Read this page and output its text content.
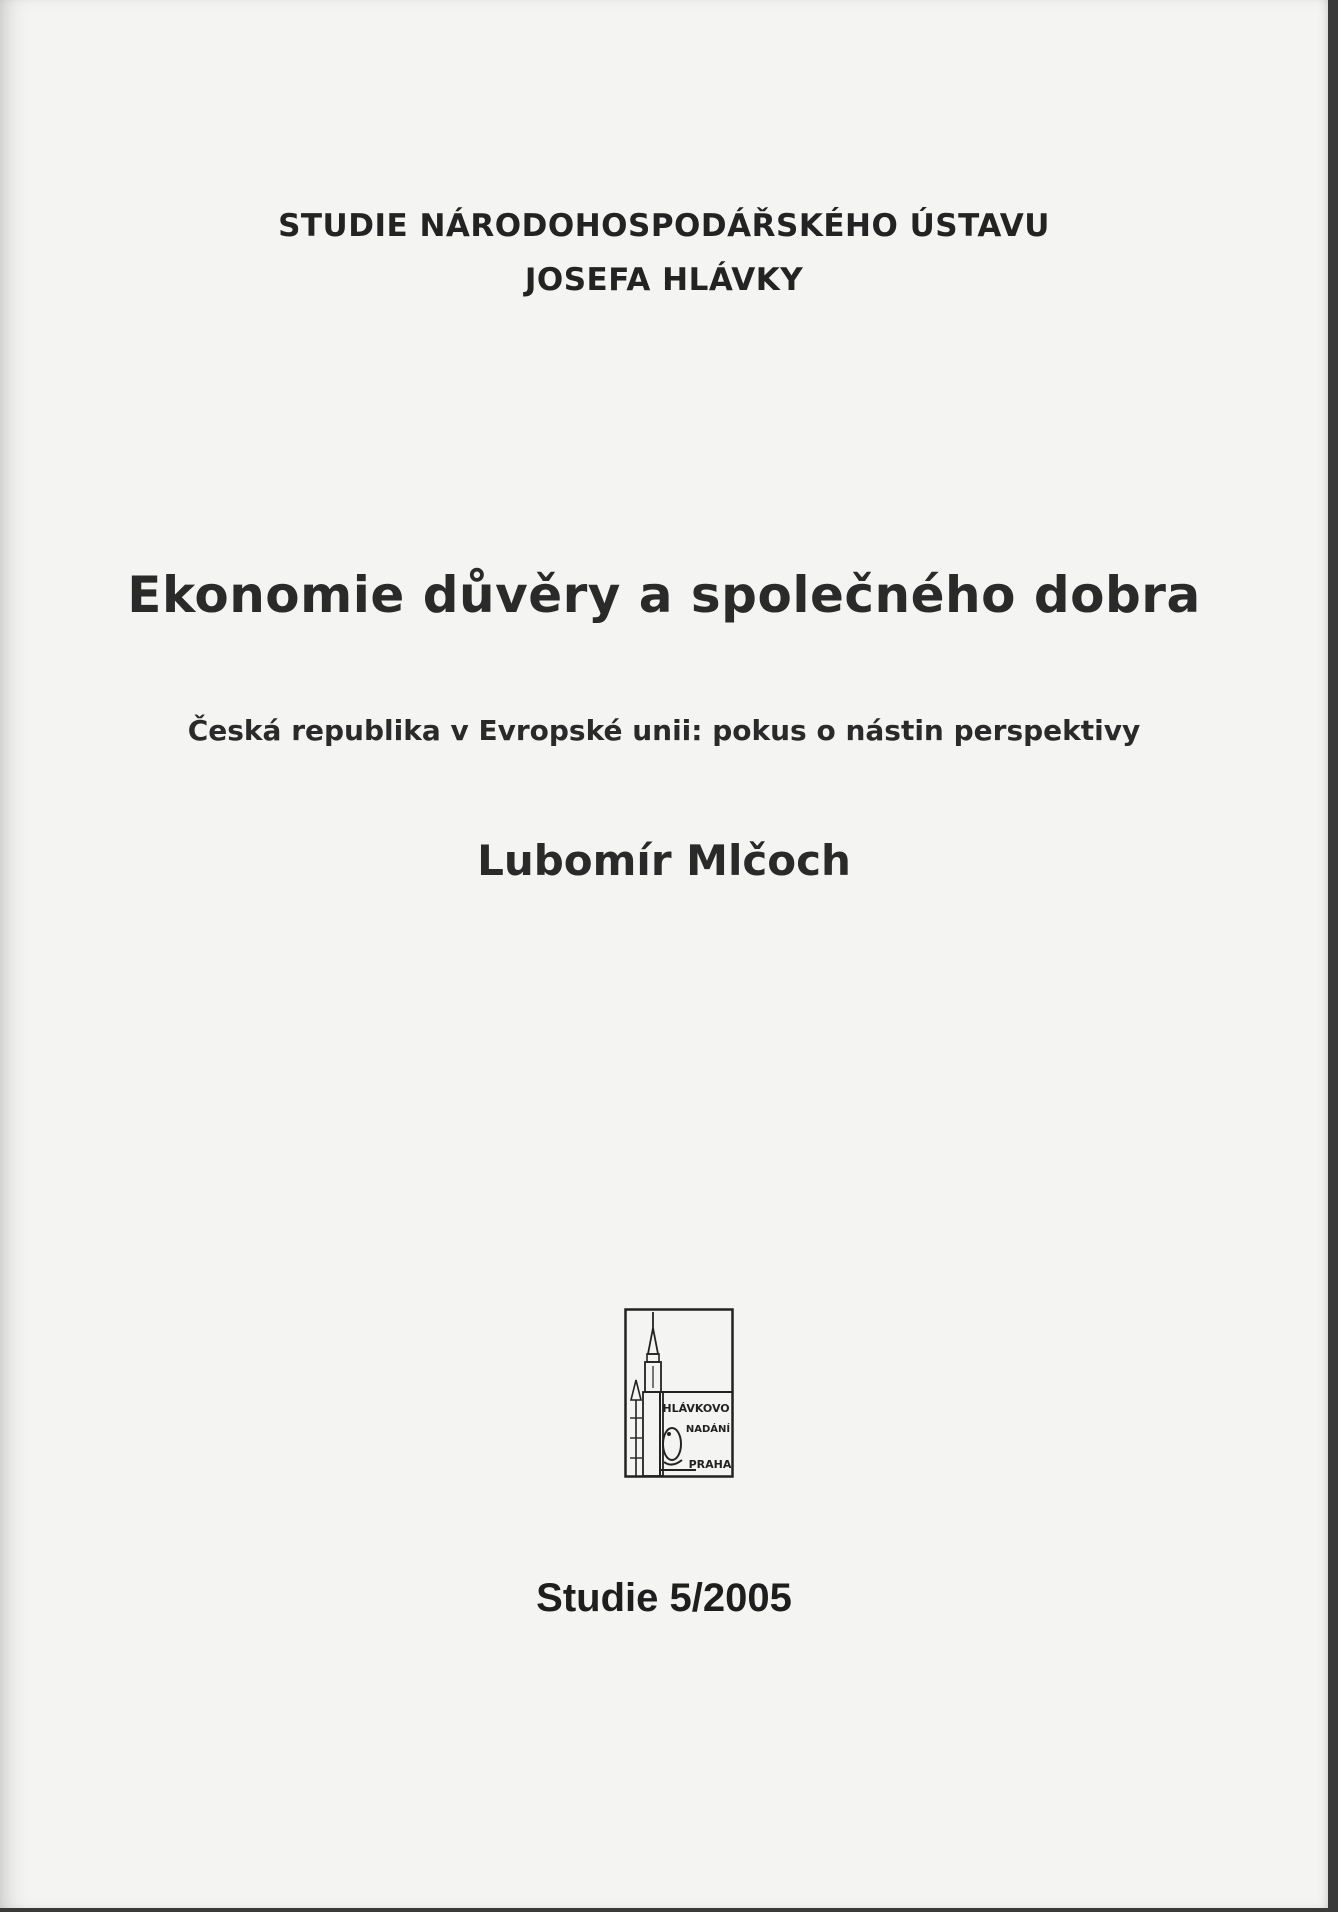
STUDIE NÁRODOHOSPODÁŘSKÉHO ÚSTAVU
JOSEFA HLÁVKY
Ekonomie důvěry a společného dobra
Česká republika v Evropské unii: pokus o nástin perspektivy
Lubomír Mlčoch
HLÁVKOVO
NADÁNÍ
PRAHA
Studie 5/2005
